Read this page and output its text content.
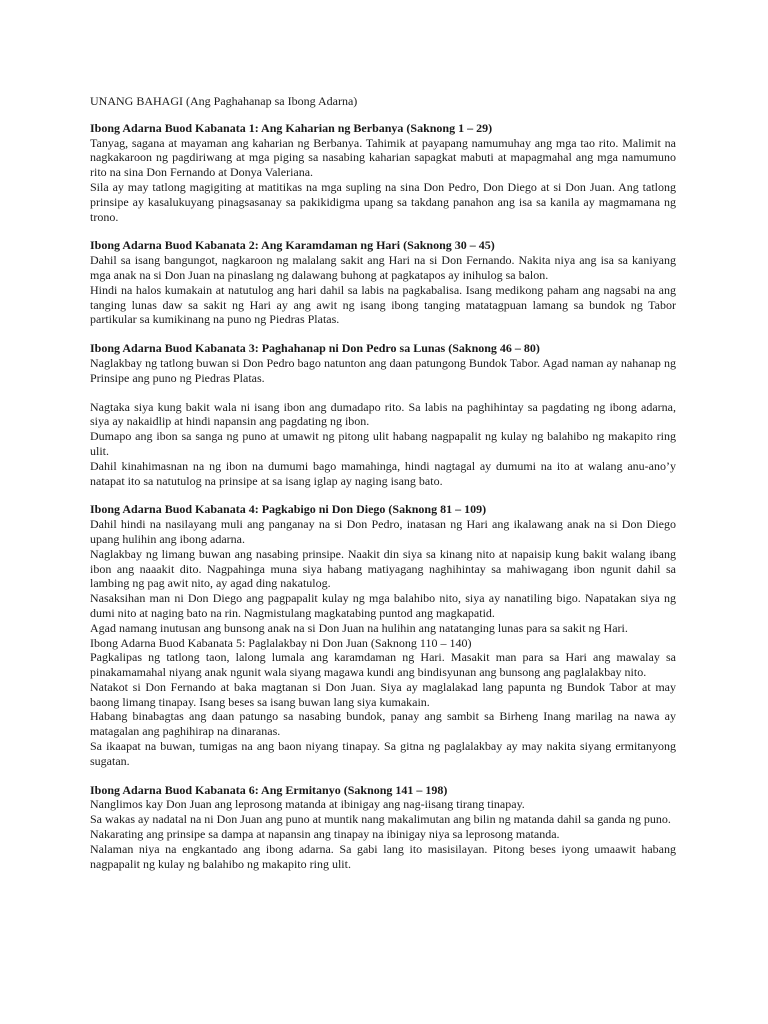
UNANG BAHAGI (Ang Paghahanap sa Ibong Adarna)

Ibong Adarna Buod Kabanata 1: Ang Kaharian ng Berbanya (Saknong 1 – 29)

Tanyag, sagana at mayaman ang kaharian ng Berbanya. Tahimik at payapang namumuhay ang mga tao rito. Malimit na nagkakaroon ng pagdiriwang at mga piging sa nasabing kaharian sapagkat mabuti at mapagmahal ang mga namumuno rito na sina Don Fernando at Donya Valeriana.

Sila ay may tatlong magigiting at matitikas na mga supling na sina Don Pedro, Don Diego at si Don Juan. Ang tatlong prinsipe ay kasalukuyang pinagsasanay sa pakikidigma upang sa takdang panahon ang isa sa kanila ay magmamana ng trono.

Ibong Adarna Buod Kabanata 2: Ang Karamdaman ng Hari (Saknong 30 – 45)

Dahil sa isang bangungot, nagkaroon ng malalang sakit ang Hari na si Don Fernando. Nakita niya ang isa sa kaniyang mga anak na si Don Juan na pinaslang ng dalawang buhong at pagkatapos ay inihulog sa balon.

Hindi na halos kumakain at natutulog ang hari dahil sa labis na pagkabalisa. Isang medikong paham ang nagsabi na ang tanging lunas daw sa sakit ng Hari ay ang awit ng isang ibong tanging matatagpuan lamang sa bundok ng Tabor partikular sa kumikinang na puno ng Piedras Platas.

Ibong Adarna Buod Kabanata 3: Paghahanap ni Don Pedro sa Lunas (Saknong 46 – 80)

Naglakbay ng tatlong buwan si Don Pedro bago natunton ang daan patungong Bundok Tabor. Agad naman ay nahanap ng Prinsipe ang puno ng Piedras Platas.

Nagtaka siya kung bakit wala ni isang ibon ang dumadapo rito. Sa labis na paghihintay sa pagdating ng ibong adarna, siya ay nakaidlip at hindi napansin ang pagdating ng ibon.

Dumapo ang ibon sa sanga ng puno at umawit ng pitong ulit habang nagpapalit ng kulay ng balahibo ng makapito ring ulit.

Dahil kinahimasnan na ng ibon na dumumi bago mamahinga, hindi nagtagal ay dumumi na ito at walang anu-ano’y natapat ito sa natutulog na prinsipe at sa isang iglap ay naging isang bato.

Ibong Adarna Buod Kabanata 4: Pagkabigo ni Don Diego (Saknong 81 – 109)

Dahil hindi na nasilayang muli ang panganay na si Don Pedro, inatasan ng Hari ang ikalawang anak na si Don Diego upang hulihin ang ibong adarna.

Naglakbay ng limang buwan ang nasabing prinsipe. Naakit din siya sa kinang nito at napaisip kung bakit walang ibang ibon ang naaakit dito. Nagpahinga muna siya habang matiyagang naghihintay sa mahiwagang ibon ngunit dahil sa lambing ng pag awit nito, ay agad ding nakatulog.

Nasaksihan man ni Don Diego ang pagpapalit kulay ng mga balahibo nito, siya ay nanatiling bigo. Napatakan siya ng dumi nito at naging bato na rin. Nagmistulang magkatabing puntod ang magkapatid.

Agad namang inutusan ang bunsong anak na si Don Juan na hulihin ang natatanging lunas para sa sakit ng Hari.

Ibong Adarna Buod Kabanata 5: Paglalakbay ni Don Juan (Saknong 110 – 140)

Pagkalipas ng tatlong taon, lalong lumala ang karamdaman ng Hari. Masakit man para sa Hari ang mawalay sa pinakamamahal niyang anak ngunit wala siyang magawa kundi ang bindisyunan ang bunsong ang paglalakbay nito.

Natakot si Don Fernando at baka magtanan si Don Juan. Siya ay maglalakad lang papunta ng Bundok Tabor at may baong limang tinapay. Isang beses sa isang buwan lang siya kumakain.

Habang binabagtas ang daan patungo sa nasabing bundok, panay ang sambit sa Birheng Inang marilag na nawa ay matagalan ang paghihirap na dinaranas.

Sa ikaapat na buwan, tumigas na ang baon niyang tinapay. Sa gitna ng paglalakbay ay may nakita siyang ermitanyong sugatan.

Ibong Adarna Buod Kabanata 6: Ang Ermitanyo (Saknong 141 – 198)

Nanglimos kay Don Juan ang leprosong matanda at ibinigay ang nag-iisang tirang tinapay.

Sa wakas ay nadatal na ni Don Juan ang puno at muntik nang makalimutan ang bilin ng matanda dahil sa ganda ng puno.

Nakarating ang prinsipe sa dampa at napansin ang tinapay na ibinigay niya sa leprosong matanda.

Nalaman niya na engkantado ang ibong adarna. Sa gabi lang ito masisilayan. Pitong beses iyong umaawit habang nagpapalit ng kulay ng balahibo ng makapito ring ulit.
